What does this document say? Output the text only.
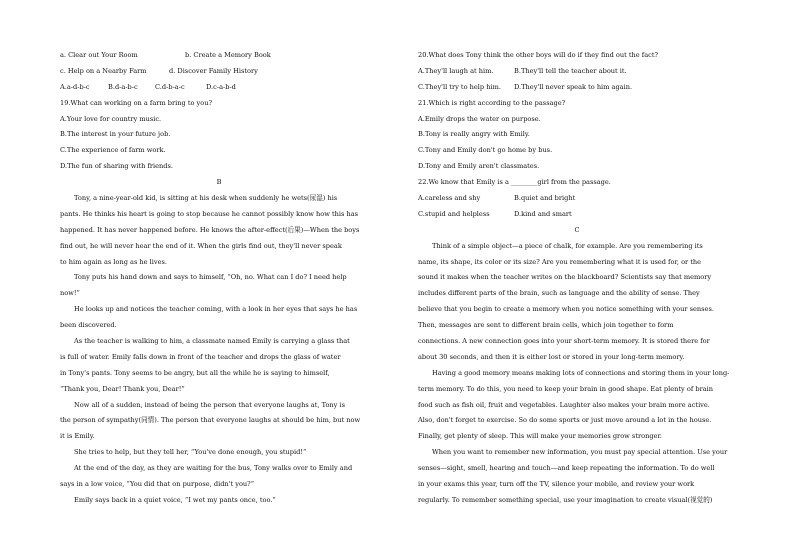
a. Clear out Your Room	b. Create a Memory Book
c. Help on a Nearby Farm	d. Discover Family History
A.a-d-b-c	B.d-a-b-c	C.d-b-a-c	D.c-a-b-d
19.What can working on a farm bring to you?
A.Your love for country music.
B.The interest in your future job.
C.The experience of farm work.
D.The fun of sharing with friends.
B
Tony, a nine-year-old kid, is sitting at his desk when suddenly he wets(尿湿) his
pants. He thinks his heart is going to stop because he cannot possibly know how this has
happened. It has never happened before. He knows the after-effect(后果)—When the boys
find out, he will never hear the end of it. When the girls find out, they'll never speak
to him again as long as he lives.
Tony puts his hand down and says to himself, “Oh, no. What can I do? I need help
now!”
He looks up and notices the teacher coming, with a look in her eyes that says he has
been discovered.
As the teacher is walking to him, a classmate named Emily is carrying a glass that
is full of water. Emily falls down in front of the teacher and drops the glass of water
in Tony's pants. Tony seems to be angry, but all the while he is saying to himself,
“Thank you, Dear! Thank you, Dear!”
Now all of a sudden, instead of being the person that everyone laughs at, Tony is
the person of sympathy(同情). The person that everyone laughs at should be him, but now
it is Emily.
She tries to help, but they tell her, “You've done enough, you stupid!”
At the end of the day, as they are waiting for the bus, Tony walks over to Emily and
says in a low voice, “You did that on purpose, didn't you?”
Emily says back in a quiet voice, “I wet my pants once, too.”
20.What does Tony think the other boys will do if they find out the fact?
A.They'll laugh at him.	B.They'll tell the teacher about it.
C.They'll try to help him. D.They'll never speak to him again.
21.Which is right according to the passage?
A.Emily drops the water on purpose.
B.Tony is really angry with Emily.
C.Tony and Emily don't go home by bus.
D.Tony and Emily aren't classmates.
22.We know that Emily is a ________girl from the passage.
A.careless and shy	B.quiet and bright
C.stupid and helpless	D.kind and smart
C
Think of a simple object—a piece of chalk, for example. Are you remembering its
name, its shape, its color or its size? Are you remembering what it is used for, or the
sound it makes when the teacher writes on the blackboard? Scientists say that memory
includes different parts of the brain, such as language and the ability of sense. They
believe that you begin to create a memory when you notice something with your senses.
Then, messages are sent to different brain cells, which join together to form
connections. A new connection goes into your short-term memory. It is stored there for
about 30 seconds, and then it is either lost or stored in your long-term memory.
Having a good memory means making lots of connections and storing them in your long-
term memory. To do this, you need to keep your brain in good shape. Eat plenty of brain
food such as fish oil, fruit and vegetables. Laughter also makes your brain more active.
Also, don't forget to exercise. So do some sports or just move around a lot in the house.
Finally, get plenty of sleep. This will make your memories grow stronger.
When you want to remember new information, you must pay special attention. Use your
senses—sight, smell, hearing and touch—and keep repeating the information. To do well
in your exams this year, turn off the TV, silence your mobile, and review your work
regularly. To remember something special, use your imagination to create visual(视觉的)
